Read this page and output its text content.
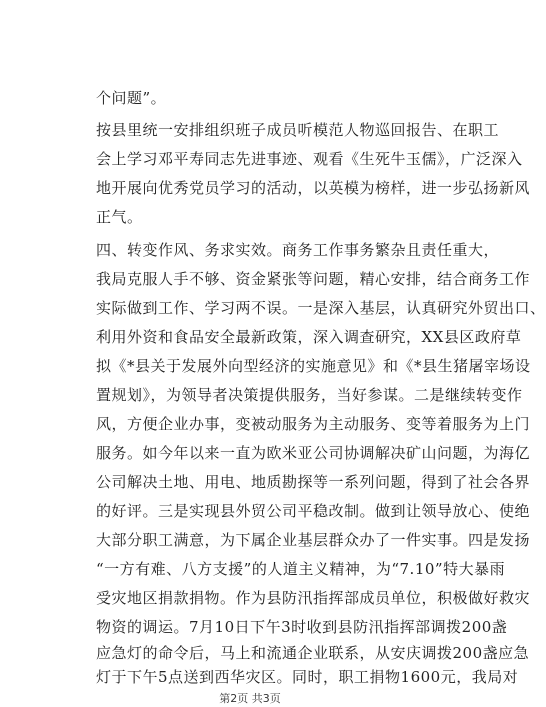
个问题”。
按县里统一安排组织班子成员听模范人物巡回报告、在职工
会上学习邓平寿同志先进事迹、观看《生死牛玉儒》，广泛深入
地开展向优秀党员学习的活动，以英模为榜样，进一步弘扬新风
正气。
四、转变作风、务求实效。商务工作事务繁杂且责任重大，
我局克服人手不够、资金紧张等问题，精心安排，结合商务工作
实际做到工作、学习两不误。一是深入基层，认真研究外贸出口、
利用外资和食品安全最新政策，深入调查研究，XX县区政府草
拟《*县关于发展外向型经济的实施意见》和《*县生猪屠宰场设
置规划》，为领导者决策提供服务，当好参谋。二是继续转变作
风，方便企业办事，变被动服务为主动服务、变等着服务为上门
服务。如今年以来一直为欧米亚公司协调解决矿山问题，为海亿
公司解决土地、用电、地质勘探等一系列问题，得到了社会各界
的好评。三是实现县外贸公司平稳改制。做到让领导放心、使绝
大部分职工满意，为下属企业基层群众办了一件实事。四是发扬
“一方有难、八方支援”的人道主义精神，为“7.10”特大暴雨
受灾地区捐款捐物。作为县防汛指挥部成员单位，积极做好救灾
物资的调运。7月10日下午3时收到县防汛指挥部调拨200盏
应急灯的命令后，马上和流通企业联系，从安庆调拨200盏应急
灯于下午5点送到西华灾区。同时，职工捐物1600元，我局对
第2页 共3页
